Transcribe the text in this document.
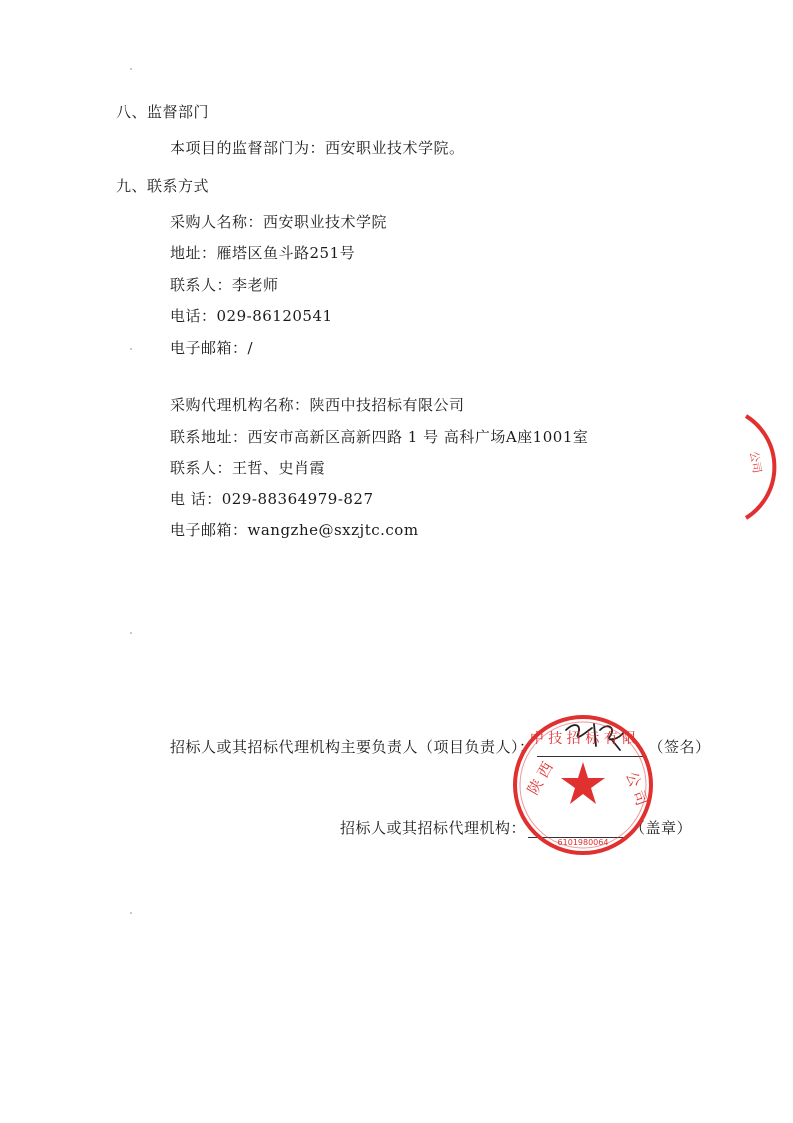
八、监督部门
本项目的监督部门为：西安职业技术学院。
九、联系方式
采购人名称：西安职业技术学院
地址：雁塔区鱼斗路251号
联系人：李老师
电话：029-86120541
电子邮箱：/
采购代理机构名称：陕西中技招标有限公司
联系地址：西安市高新区高新四路 1 号 高科广场A座1001室
联系人：王哲、史肖霞
电 话：029-88364979-827
电子邮箱：wangzhe@sxzjtc.com
招标人或其招标代理机构主要负责人（项目负责人）：	（签名）
招标人或其招标代理机构：	（盖章）
中 技 招 标 有 限
陕 西	公 司
6101980064
公司
